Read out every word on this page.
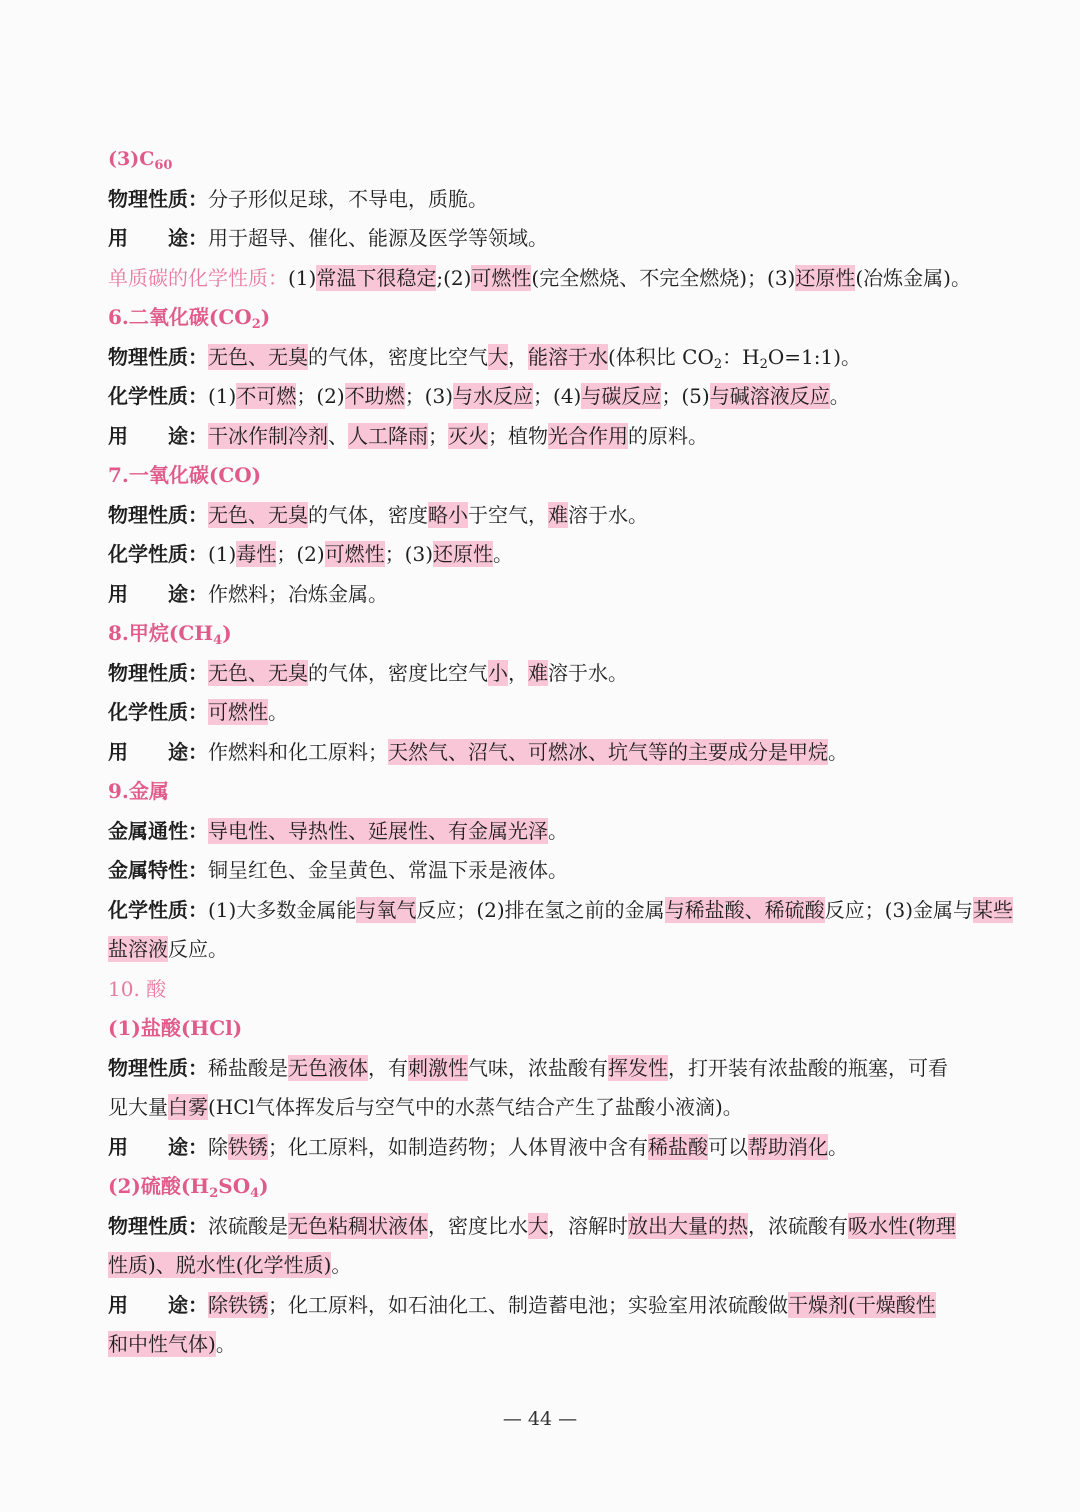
$(3)C_{60}$
物理性质：分子形似足球，不导电，质脆。
用　　途：用于超导、催化、能源及医学等领域。
单质碳的化学性质：(1)常温下很稳定;(2)可燃性(完全燃烧、不完全燃烧)；(3)还原性(冶炼金属)。
6.二氧化碳$(CO_2)$
物理性质：无色、无臭的气体，密度比空气大，能溶于水(体积比 $CO_2$：$H_2O=1:1$)。
化学性质：(1)不可燃；(2)不助燃；(3)与水反应；(4)与碳反应；(5)与碱溶液反应。
用　　途：干冰作制冷剂、人工降雨；灭火；植物光合作用的原料。
7.一氧化碳(CO)
物理性质：无色、无臭的气体，密度略小于空气，难溶于水。
化学性质：(1)毒性；(2)可燃性；(3)还原性。
用　　途：作燃料；冶炼金属。
8.甲烷$(CH_4)$
物理性质：无色、无臭的气体，密度比空气小，难溶于水。
化学性质：可燃性。
用　　途：作燃料和化工原料；天然气、沼气、可燃冰、坑气等的主要成分是甲烷。
9.金属
金属通性：导电性、导热性、延展性、有金属光泽。
金属特性：铜呈红色、金呈黄色、常温下汞是液体。
化学性质：(1)大多数金属能与氧气反应；(2)排在氢之前的金属与稀盐酸、稀硫酸反应；(3)金属与某些
盐溶液反应。
10. 酸
(1)盐酸(HCl)
物理性质：稀盐酸是无色液体，有刺激性气味，浓盐酸有挥发性，打开装有浓盐酸的瓶塞，可看
见大量白雾(HCl气体挥发后与空气中的水蒸气结合产生了盐酸小液滴)。
用　　途：除铁锈；化工原料，如制造药物；人体胃液中含有稀盐酸可以帮助消化。
(2)硫酸$(H_2SO_4)$
物理性质：浓硫酸是无色粘稠状液体，密度比水大，溶解时放出大量的热，浓硫酸有吸水性(物理
性质)、脱水性(化学性质)。
用　　途：除铁锈；化工原料，如石油化工、制造蓄电池；实验室用浓硫酸做干燥剂(干燥酸性
和中性气体)。
— 44 —
